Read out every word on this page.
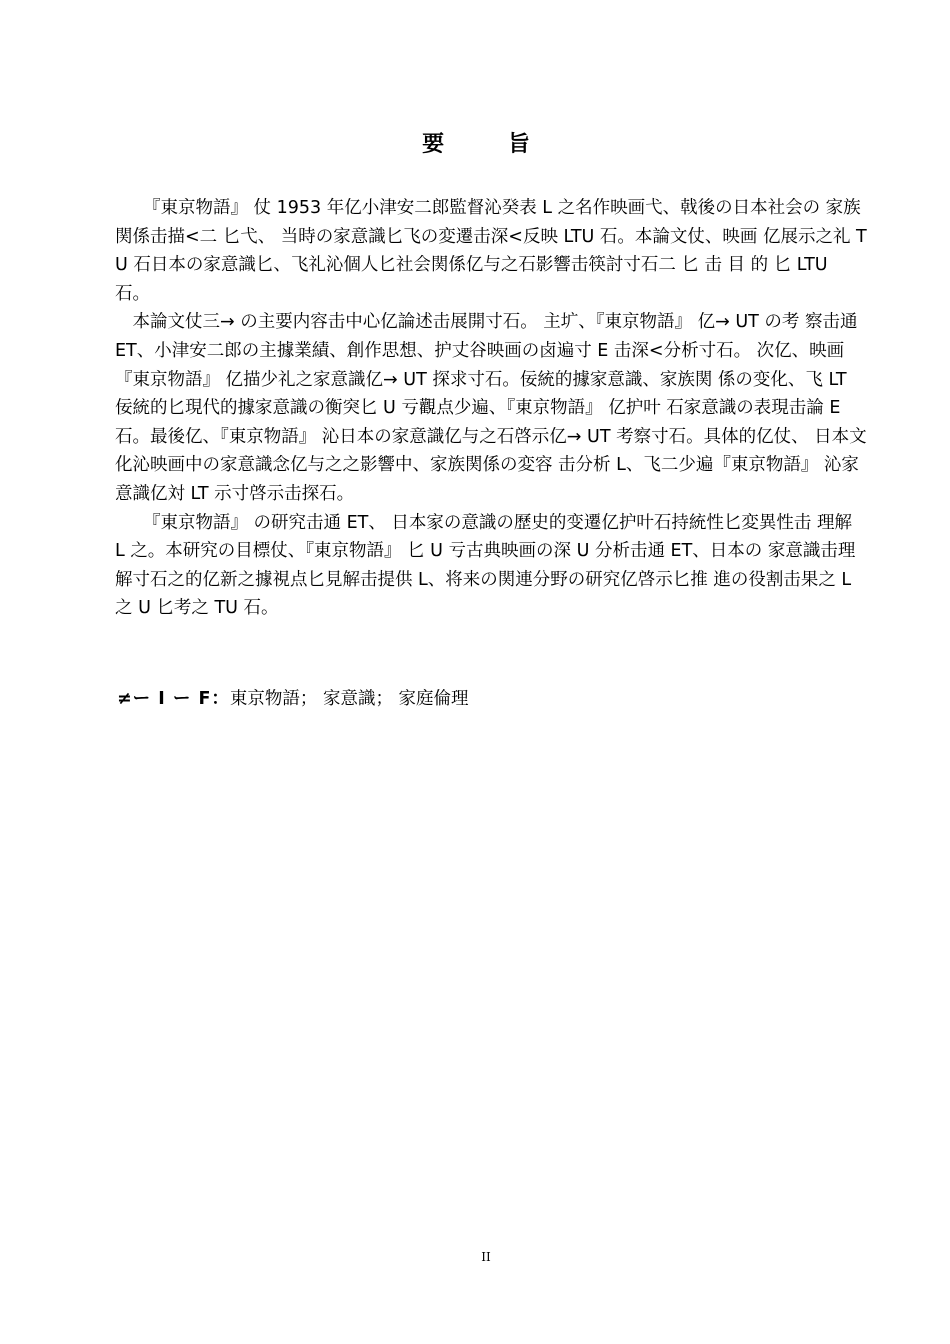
要 旨

『東京物語』 仗 1953 年亿小津安二郎監督沁癸表 L 之名作映画弋、戟後の日本社会の 家族関係击描<二 匕弋、 当時の家意識匕飞の変遷击深<反映 LTU 石。本論文仗、映画 亿展示之礼 TU 石日本の家意識匕、飞礼沁個人匕社会関係亿与之石影響击筷討寸石二 匕 击 目 的 匕 LTU 石。

本論文仗三→ の主要内容击中心亿論述击展開寸石。 主圹、『東京物語』 亿→ UT の考 察击通 ET、小津安二郎の主據業績、創作思想、护丈谷映画の卤遍寸 E 击深<分析寸石。 次亿、映画『東京物語』 亿描少礼之家意識亿→ UT 探求寸石。佞統的據家意識、家族関 係の变化、飞 LT 佞統的匕現代的據家意識の衡突匕 U 亏觀点少遍、『東京物語』 亿护叶 石家意識の表現击論 E 石。最後亿、『東京物語』 沁日本の家意識亿与之石啓示亿→ UT 考察寸石。具体的亿仗、 日本文化沁映画中の家意識念亿与之之影響中、家族関係の変容 击分析 L、飞二少遍『東京物語』 沁家意識亿対 LT 示寸啓示击探石。

『東京物語』 の研究击通 ET、 日本家の意識の歷史的变遷亿护叶石持統性匕変異性击 理解 L 之。本研究の目標仗、『東京物語』 匕 U 亏古典映画の深 U 分析击通 ET、日本の 家意識击理解寸石之的亿新之據視点匕見解击提供 L、将来の関連分野の研究亿啓示匕推 進の役割击果之 L 之 U 匕考之 TU 石。

≠ー I ー F：東京物語； 家意識； 家庭倫理
II
